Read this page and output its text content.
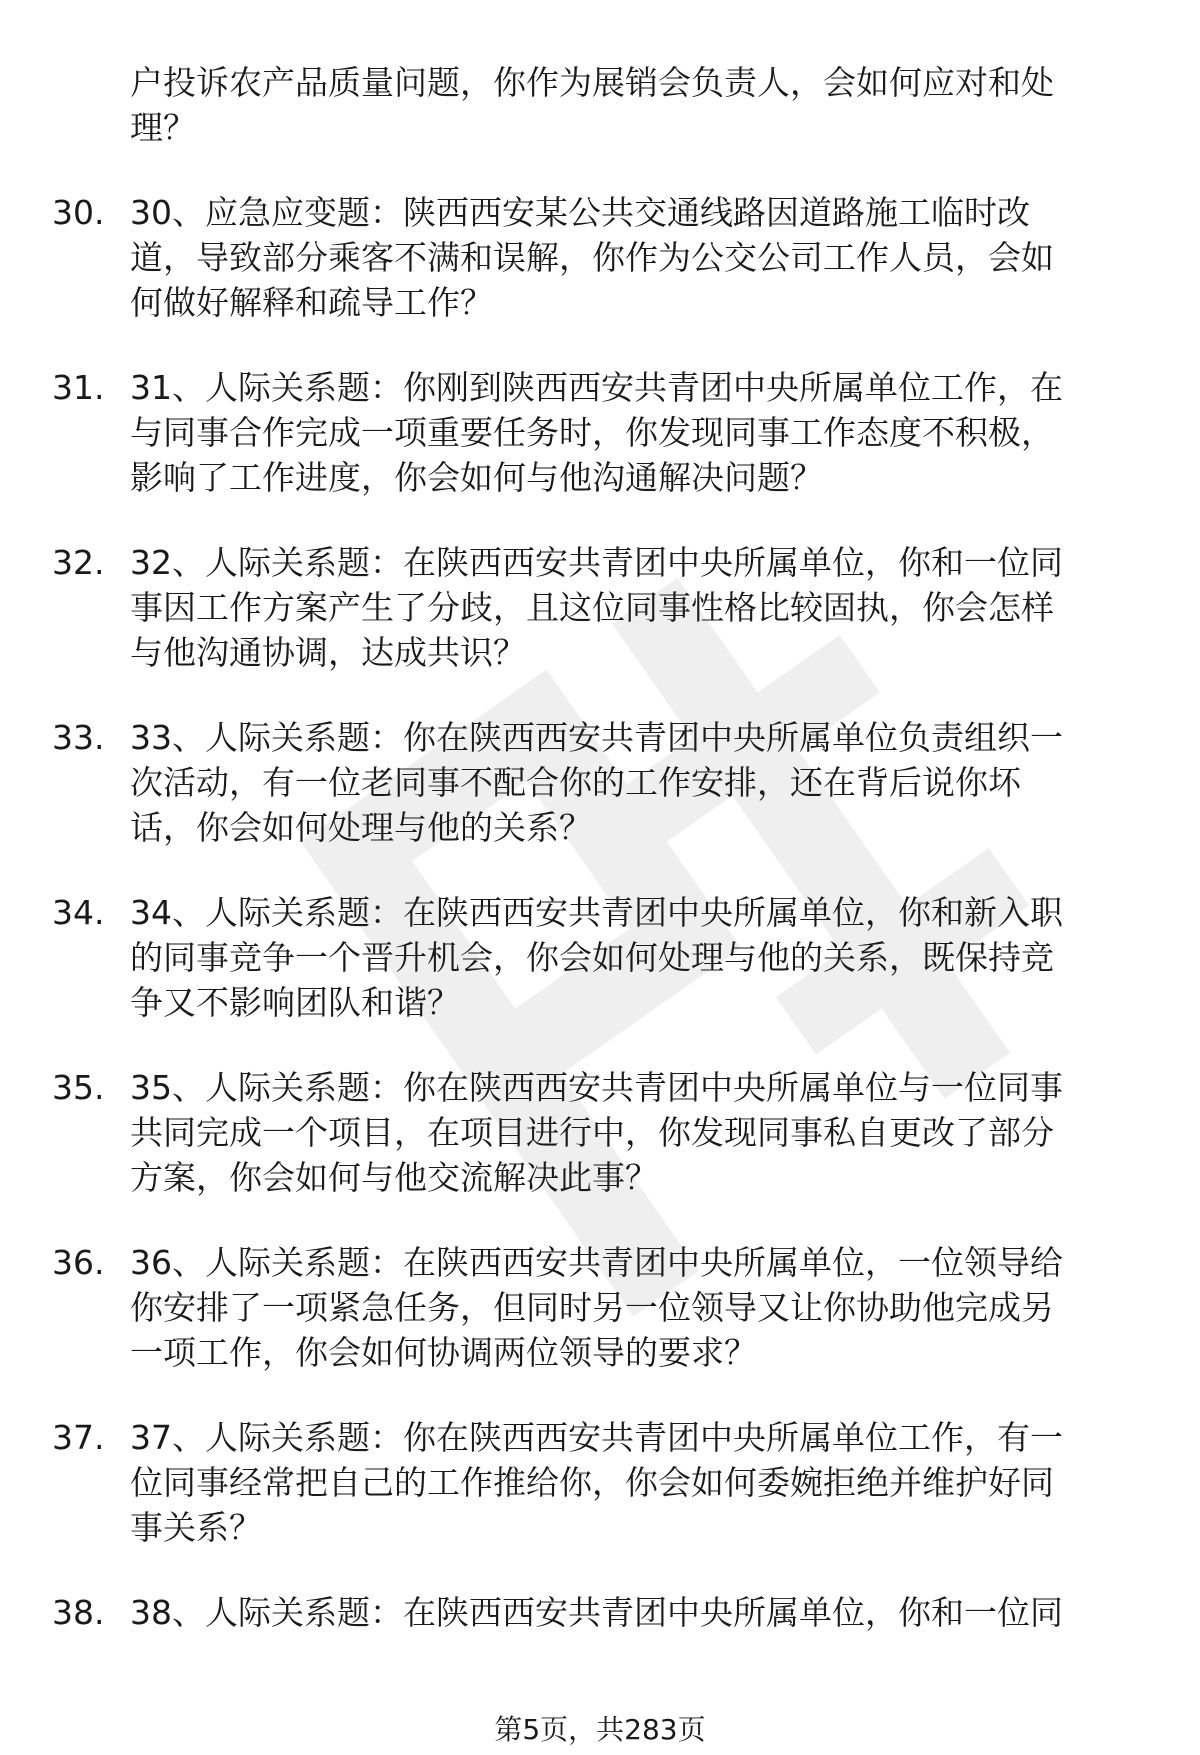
户投诉农产品质量问题，你作为展销会负责人，会如何应对和处
理？
30. 30、应急应变题：陕西西安某公共交通线路因道路施工临时改
道，导致部分乘客不满和误解，你作为公交公司工作人员，会如
何做好解释和疏导工作？
31. 31、人际关系题：你刚到陕西西安共青团中央所属单位工作，在
与同事合作完成一项重要任务时，你发现同事工作态度不积极，
影响了工作进度，你会如何与他沟通解决问题？
32. 32、人际关系题：在陕西西安共青团中央所属单位，你和一位同
事因工作方案产生了分歧，且这位同事性格比较固执，你会怎样
与他沟通协调，达成共识？
33. 33、人际关系题：你在陕西西安共青团中央所属单位负责组织一
次活动，有一位老同事不配合你的工作安排，还在背后说你坏
话，你会如何处理与他的关系？
34. 34、人际关系题：在陕西西安共青团中央所属单位，你和新入职
的同事竞争一个晋升机会，你会如何处理与他的关系，既保持竞
争又不影响团队和谐？
35. 35、人际关系题：你在陕西西安共青团中央所属单位与一位同事
共同完成一个项目，在项目进行中，你发现同事私自更改了部分
方案，你会如何与他交流解决此事？
36. 36、人际关系题：在陕西西安共青团中央所属单位，一位领导给
你安排了一项紧急任务，但同时另一位领导又让你协助他完成另
一项工作，你会如何协调两位领导的要求？
37. 37、人际关系题：你在陕西西安共青团中央所属单位工作，有一
位同事经常把自己的工作推给你，你会如何委婉拒绝并维护好同
事关系？
38. 38、人际关系题：在陕西西安共青团中央所属单位，你和一位同
第5页，共283页
